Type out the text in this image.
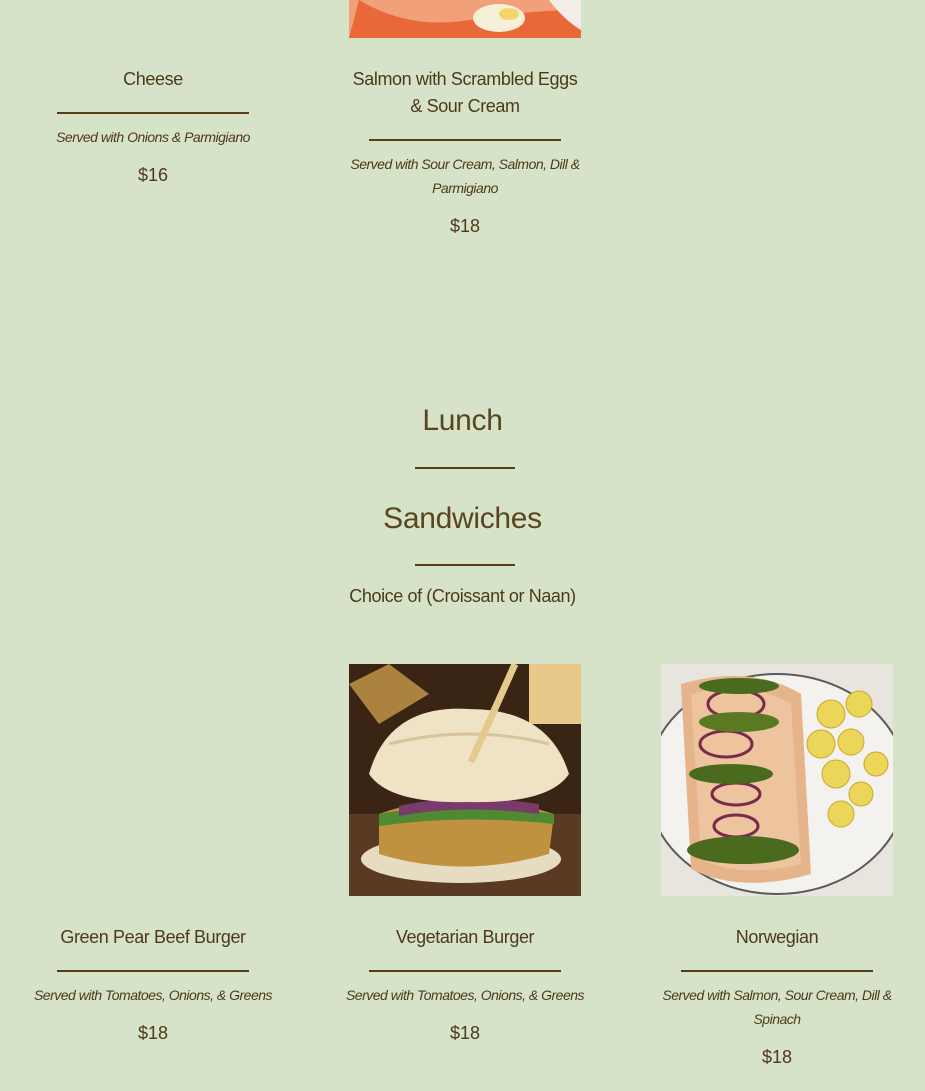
Cheese
Served with Onions & Parmigiano
$16
Salmon with Scrambled Eggs & Sour Cream
Served with Sour Cream, Salmon, Dill & Parmigiano
$18
Lunch
Sandwiches
Choice of (Croissant or Naan)
Green Pear Beef Burger
Served with Tomatoes, Onions, & Greens
$18
Vegetarian Burger
Served with Tomatoes, Onions, & Greens
$18
Norwegian
Served with Salmon, Sour Cream, Dill & Spinach
$18
